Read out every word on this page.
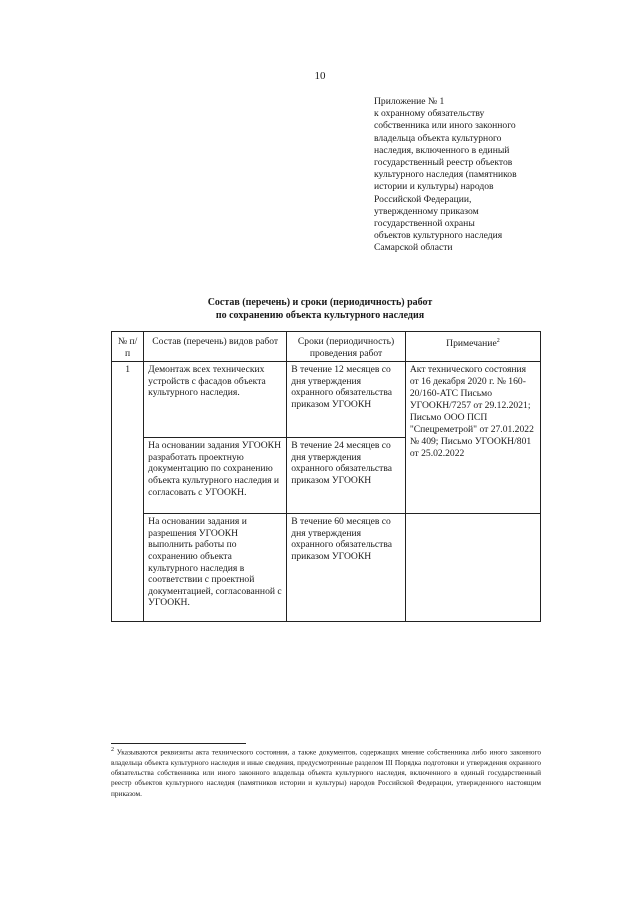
10
Приложение № 1
к охранному обязательству
собственника или иного законного
владельца объекта культурного
наследия, включенного в единый
государственный реестр объектов
культурного наследия (памятников
истории и культуры) народов
Российской Федерации,
утвержденному приказом
государственной охраны
объектов культурного наследия
Самарской области
Состав (перечень) и сроки (периодичность) работ
по сохранению объекта культурного наследия
№ п/п	Состав (перечень) видов работ	Сроки (периодичность) проведения работ	Примечание$^2$
1	Демонтаж всех технических устройств с фасадов объекта культурного наследия.	В течение 12 месяцев со дня утверждения охранного обязательства приказом УГООКН	Акт технического состояния от 16 декабря 2020 г. № 160-20/160-АТС Письмо УГООКН/7257 от 29.12.2021; Письмо ООО ПСП "Спецреметрой" от 27.01.2022 № 409; Письмо УГООКН/801 от 25.02.2022
	На основании задания УГООКН разработать проектную документацию по сохранению объекта культурного наследия и согласовать с УГООКН.	В течение 24 месяцев со дня утверждения охранного обязательства приказом УГООКН	
	На основании задания и разрешения УГООКН выполнить работы по сохранению объекта культурного наследия в соответствии с проектной документацией, согласованной с УГООКН.	В течение 60 месяцев со дня утверждения охранного обязательства приказом УГООКН	
$^2$ Указываются реквизиты акта технического состояния, а также документов, содержащих мнение собственника либо иного законного владельца объекта культурного наследия и иные сведения, предусмотренные разделом III Порядка подготовки и утверждения охранного обязательства собственника или иного законного владельца объекта культурного наследия, включенного в единый государственный реестр объектов культурного наследия (памятников истории и культуры) народов Российской Федерации, утвержденного настоящим приказом.
